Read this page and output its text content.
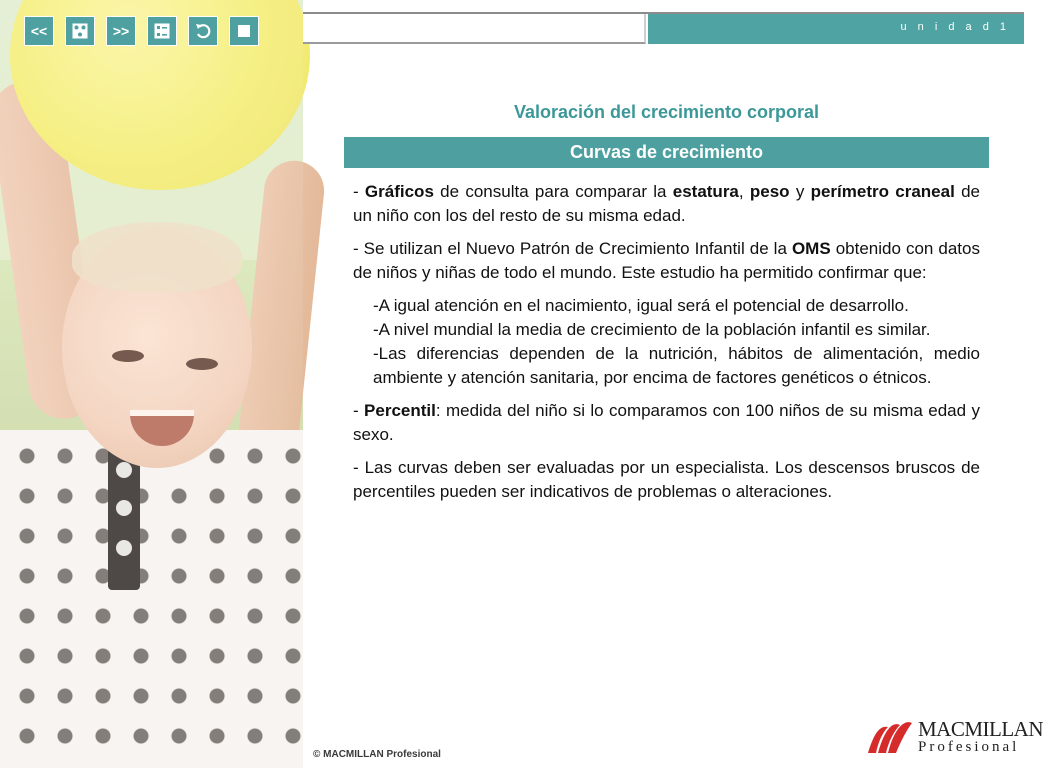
<<	>>	u n i d a d 1
Valoración del crecimiento corporal
Curvas de crecimiento

- Gráficos de consulta para comparar la estatura, peso y perímetro craneal de un niño con los del resto de su misma edad.

- Se utilizan el Nuevo Patrón de Crecimiento Infantil de la OMS obtenido con datos de niños y niñas de todo el mundo. Este estudio ha permitido confirmar que:

-A igual atención en el nacimiento, igual será el potencial de desarrollo.

-A nivel mundial la media de crecimiento de la población infantil es similar.

-Las diferencias dependen de la nutrición, hábitos de alimentación, medio ambiente y atención sanitaria, por encima de factores genéticos o étnicos.

- Percentil: medida del niño si lo comparamos con 100 niños de su misma edad y sexo.

- Las curvas deben ser evaluadas por un especialista. Los descensos bruscos de percentiles pueden ser indicativos de problemas o alteraciones.

© MACMILLAN Profesional
MACMILLAN
Profesional
